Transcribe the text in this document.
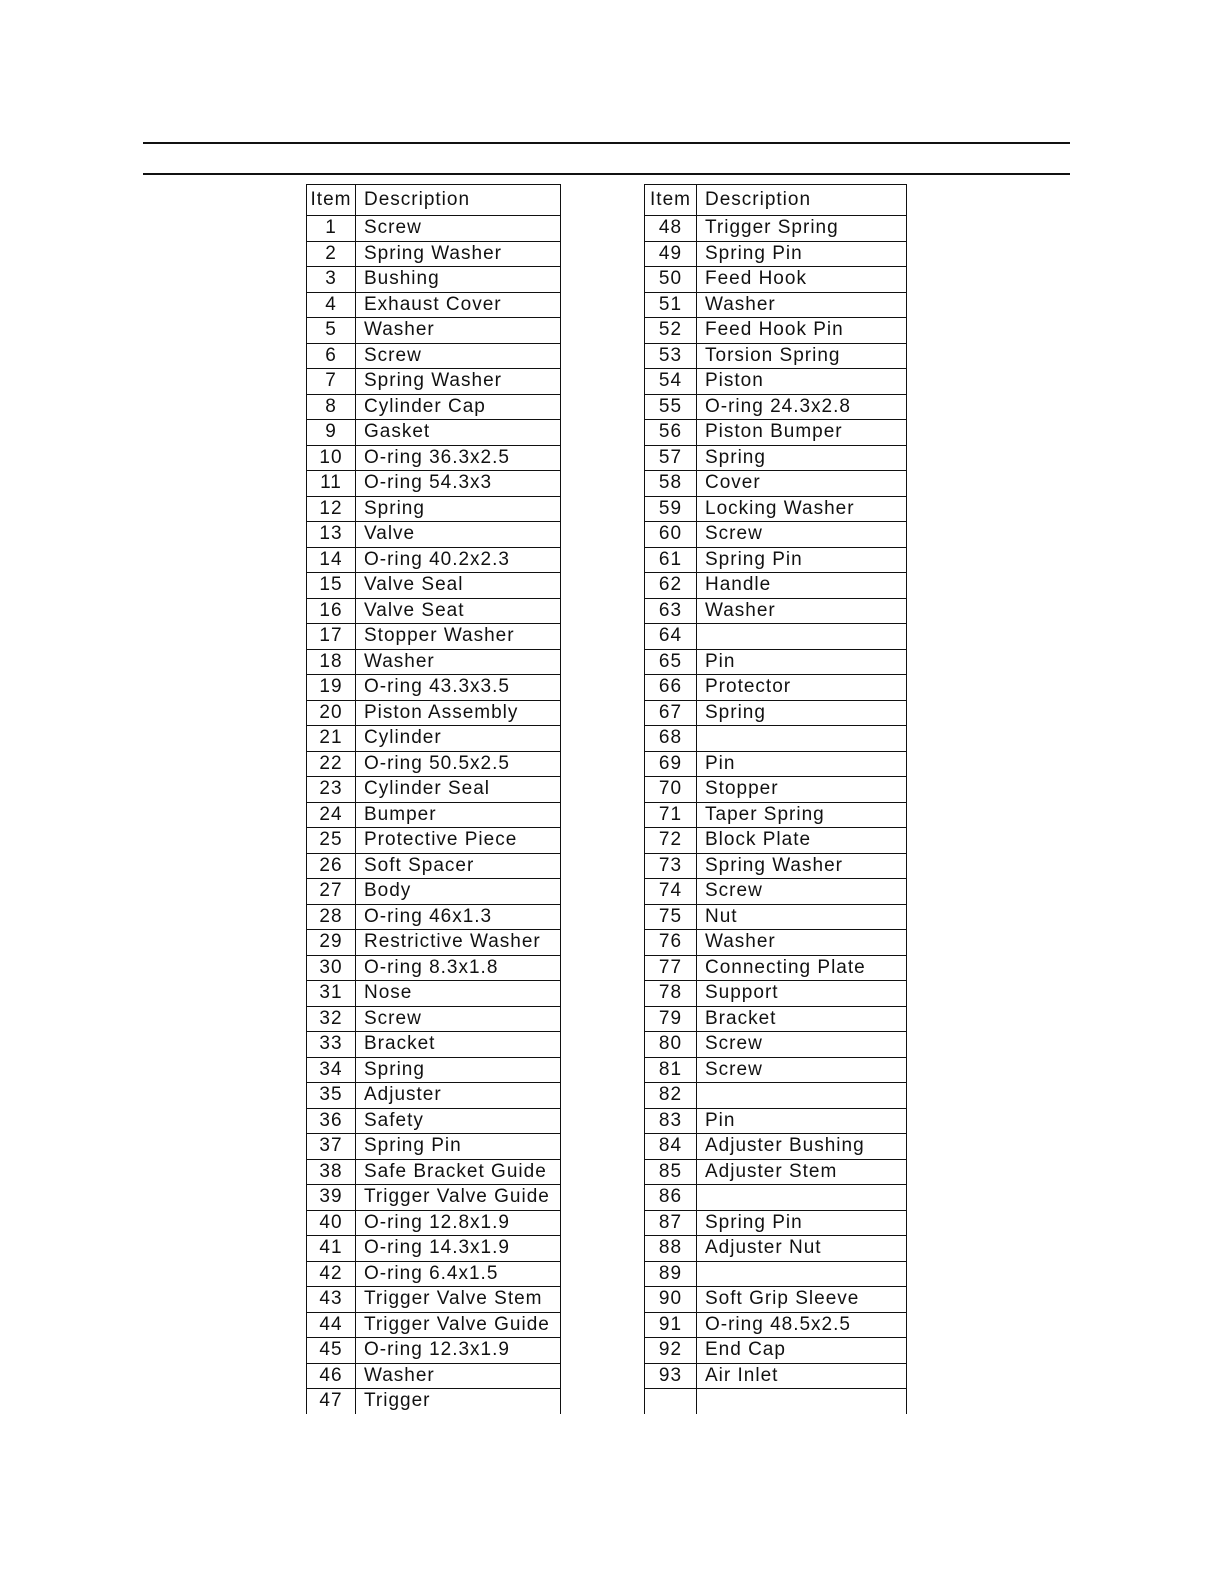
Item	Description
1	Screw
2	Spring Washer
3	Bushing
4	Exhaust Cover
5	Washer
6	Screw
7	Spring Washer
8	Cylinder Cap
9	Gasket
10	O-ring 36.3x2.5
11	O-ring 54.3x3
12	Spring
13	Valve
14	O-ring 40.2x2.3
15	Valve Seal
16	Valve Seat
17	Stopper Washer
18	Washer
19	O-ring 43.3x3.5
20	Piston Assembly
21	Cylinder
22	O-ring 50.5x2.5
23	Cylinder Seal
24	Bumper
25	Protective Piece
26	Soft Spacer
27	Body
28	O-ring 46x1.3
29	Restrictive Washer
30	O-ring 8.3x1.8
31	Nose
32	Screw
33	Bracket
34	Spring
35	Adjuster
36	Safety
37	Spring Pin
38	Safe Bracket Guide
39	Trigger Valve Guide
40	O-ring 12.8x1.9
41	O-ring 14.3x1.9
42	O-ring 6.4x1.5
43	Trigger Valve Stem
44	Trigger Valve Guide
45	O-ring 12.3x1.9
46	Washer
47	Trigger
Item	Description
48	Trigger Spring
49	Spring Pin
50	Feed Hook
51	Washer
52	Feed Hook Pin
53	Torsion Spring
54	Piston
55	O-ring 24.3x2.8
56	Piston Bumper
57	Spring
58	Cover
59	Locking Washer
60	Screw
61	Spring Pin
62	Handle
63	Washer
64	
65	Pin
66	Protector
67	Spring
68	
69	Pin
70	Stopper
71	Taper Spring
72	Block Plate
73	Spring Washer
74	Screw
75	Nut
76	Washer
77	Connecting Plate
78	Support
79	Bracket
80	Screw
81	Screw
82	
83	Pin
84	Adjuster Bushing
85	Adjuster Stem
86	
87	Spring Pin
88	Adjuster Nut
89	
90	Soft Grip Sleeve
91	O-ring 48.5x2.5
92	End Cap
93	Air Inlet
